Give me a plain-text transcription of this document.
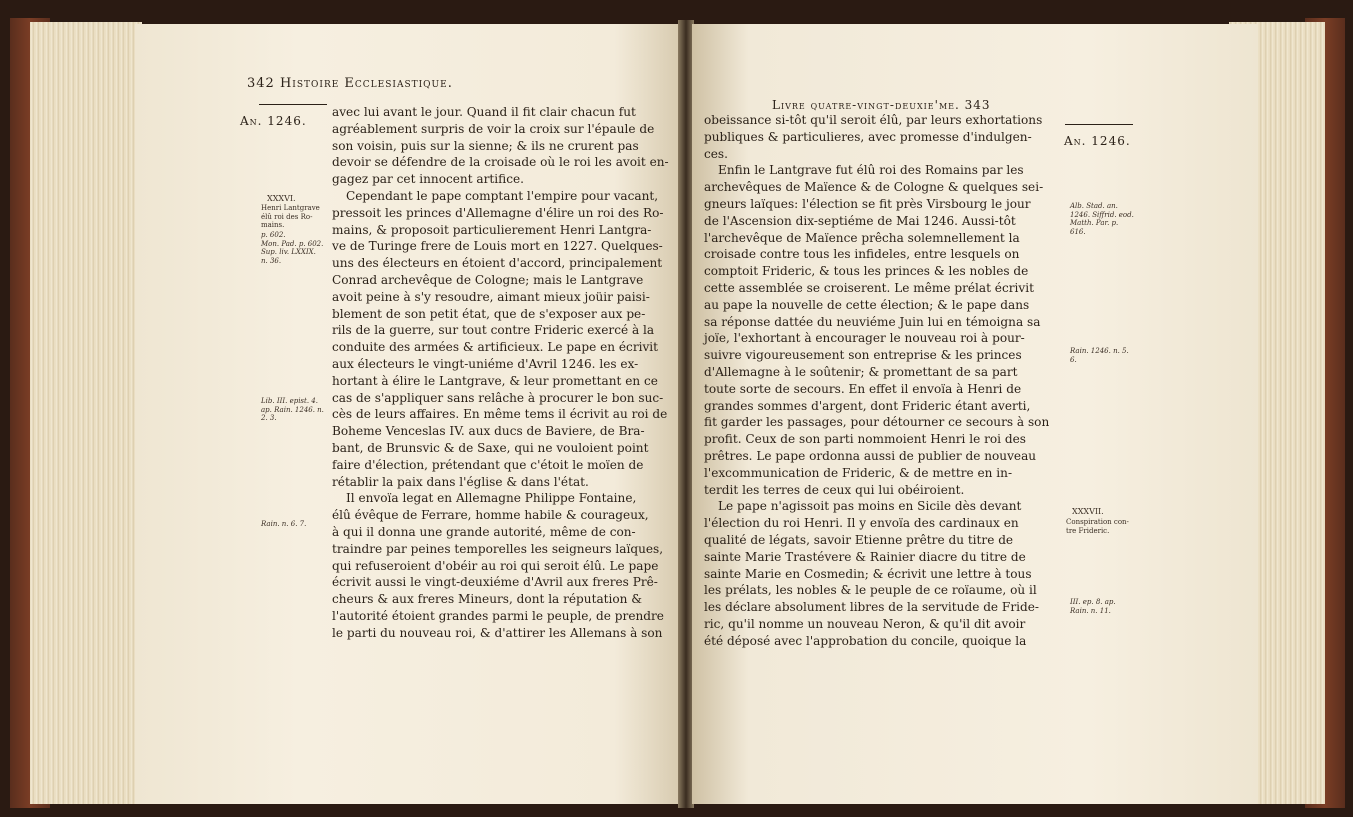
342 Histoire Ecclesiastique.
An. 1246.
XXXVI.
Henri Lantgrave
élû roi des Ro-
mains.
p. 602.
Mon. Pad. p. 602.
Sup. liv. LXXIX.
n. 36.
Lib. III. epist. 4.
ap. Rain. 1246. n.
2. 3.
Rain. n. 6. 7.
avec lui avant le jour. Quand il fit clair chacun fut
agréablement surpris de voir la croix sur l'épaule de
son voisin, puis sur la sienne; & ils ne crurent pas
devoir se défendre de la croisade où le roi les avoit en-
gagez par cet innocent artifice.
Cependant le pape comptant l'empire pour vacant,
pressoit les princes d'Allemagne d'élire un roi des Ro-
mains, & proposoit particulierement Henri Lantgra-
ve de Turinge frere de Louis mort en 1227. Quelques-
uns des électeurs en étoient d'accord, principalement
Conrad archevêque de Cologne; mais le Lantgrave
avoit peine à s'y resoudre, aimant mieux joüir paisi-
blement de son petit état, que de s'exposer aux pe-
rils de la guerre, sur tout contre Frideric exercé à la
conduite des armées & artificieux. Le pape en écrivit
aux électeurs le vingt-uniéme d'Avril 1246. les ex-
hortant à élire le Lantgrave, & leur promettant en ce
cas de s'appliquer sans relâche à procurer le bon suc-
cès de leurs affaires. En même tems il écrivit au roi de
Boheme Venceslas IV. aux ducs de Baviere, de Bra-
bant, de Brunsvic & de Saxe, qui ne vouloient point
faire d'élection, prétendant que c'étoit le moïen de
rétablir la paix dans l'église & dans l'état.
Il envoïa legat en Allemagne Philippe Fontaine,
élû évêque de Ferrare, homme habile & courageux,
à qui il donna une grande autorité, même de con-
traindre par peines temporelles les seigneurs laïques,
qui refuseroient d'obéir au roi qui seroit élû. Le pape
écrivit aussi le vingt-deuxiéme d'Avril aux freres Prê-
cheurs & aux freres Mineurs, dont la réputation &
l'autorité étoient grandes parmi le peuple, de prendre
le parti du nouveau roi, & d'attirer les Allemans à son
Livre quatre-vingt-deuxie'me. 343
An. 1246.
Alb. Stad. an.
1246. Siffrid. eod.
Matth. Par. p.
616.
Rain. 1246. n. 5.
6.
XXXVII.
Conspiration con-
tre Frideric.
III. ep. 8. ap.
Rain. n. 11.
obeissance si-tôt qu'il seroit élû, par leurs exhortations
publiques & particulieres, avec promesse d'indulgen-
ces.
Enfin le Lantgrave fut élû roi des Romains par les
archevêques de Maïence & de Cologne & quelques sei-
gneurs laïques: l'élection se fit près Virsbourg le jour
de l'Ascension dix-septiéme de Mai 1246. Aussi-tôt
l'archevêque de Maïence prêcha solemnellement la
croisade contre tous les infideles, entre lesquels on
comptoit Frideric, & tous les princes & les nobles de
cette assemblée se croiserent. Le même prélat écrivit
au pape la nouvelle de cette élection; & le pape dans
sa réponse dattée du neuviéme Juin lui en témoigna sa
joïe, l'exhortant à encourager le nouveau roi à pour-
suivre vigoureusement son entreprise & les princes
d'Allemagne à le soûtenir; & promettant de sa part
toute sorte de secours. En effet il envoïa à Henri de
grandes sommes d'argent, dont Frideric étant averti,
fit garder les passages, pour détourner ce secours à son
profit. Ceux de son parti nommoient Henri le roi des
prêtres. Le pape ordonna aussi de publier de nouveau
l'excommunication de Frideric, & de mettre en in-
terdit les terres de ceux qui lui obéiroient.
Le pape n'agissoit pas moins en Sicile dès devant
l'élection du roi Henri. Il y envoïa des cardinaux en
qualité de légats, savoir Etienne prêtre du titre de
sainte Marie Trastévere & Rainier diacre du titre de
sainte Marie en Cosmedin; & écrivit une lettre à tous
les prélats, les nobles & le peuple de ce roïaume, où il
les déclare absolument libres de la servitude de Fride-
ric, qu'il nomme un nouveau Neron, & qu'il dit avoir
été déposé avec l'approbation du concile, quoique la
